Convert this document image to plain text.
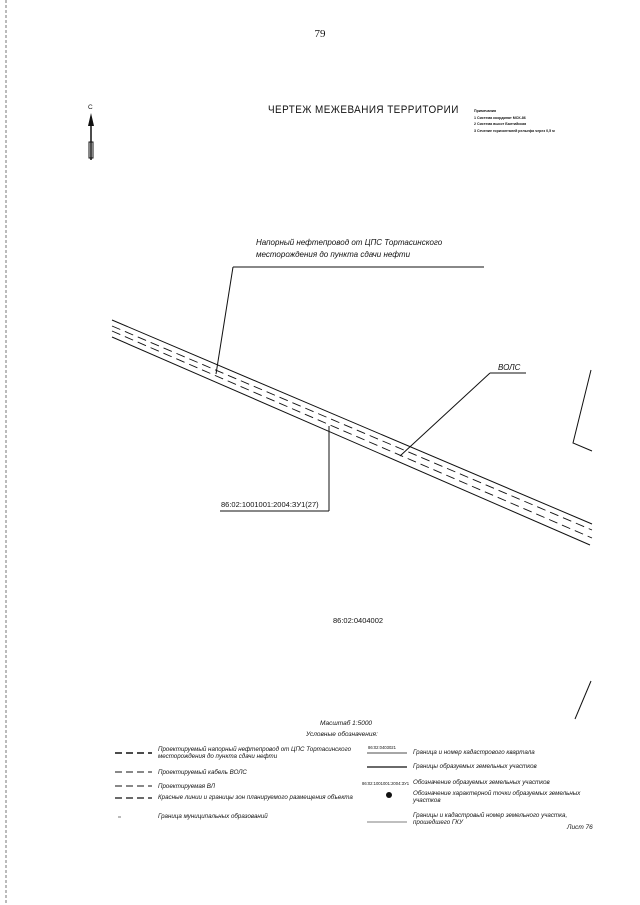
79
ЧЕРТЕЖ МЕЖЕВАНИЯ ТЕРРИТОРИИ
С	Примечания
1 Система координат МСК-86
2 Система высот Балтийская
3 Сечение горизонталей рельефа через 0,5 м
Напорный нефтепровод от ЦПС Тортасинского
месторождения до пункта сдачи нефти
ВОЛС
86:02:1001001:2004:ЗУ1(27)
86:02:0404002
Масштаб 1:5000
Условные обозначения:
Проектируемый напорный нефтепровод от ЦПС Тортасинского месторождения до пункта сдачи нефти
Проектируемый кабель ВОЛС
Проектируемая ВЛ
Красные линии и границы зон планируемого размещения объекта
Граница муниципальных образований
86:02:0403021
86:02:1001001:2004:ЗУ1
Граница и номер кадастрового квартала
Границы образуемых земельных участков
Обозначение образуемых земельных участков
Обозначение характерной точки образуемых земельных участков
Границы и кадастровый номер земельного участка, прошедшего ГКУ
Лист 76
